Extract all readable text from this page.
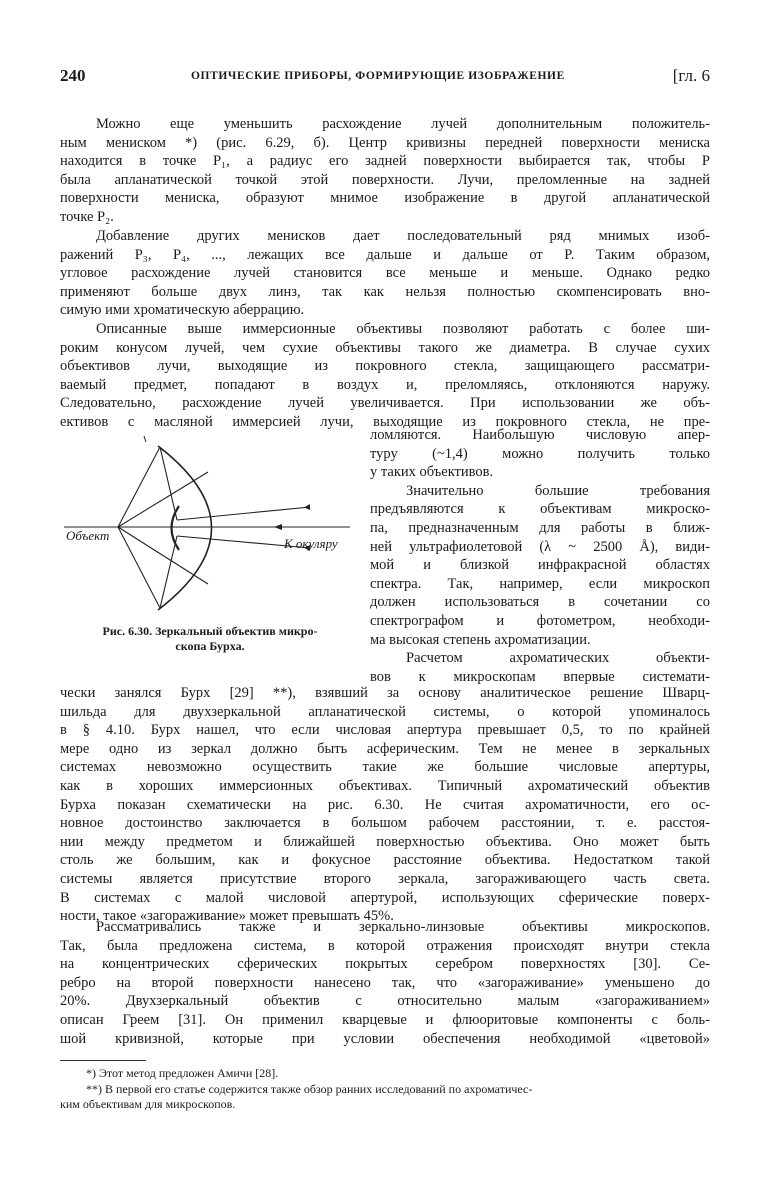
240	ОПТИЧЕСКИЕ ПРИБОРЫ, ФОРМИРУЮЩИЕ ИЗОБРАЖЕНИЕ	[гл. 6
Можно еще уменьшить расхождение лучей дополнительным положитель-
ным мениском *) (рис. 6.29, б). Центр кривизны передней поверхности мениска
находится в точке P₁, а радиус его задней поверхности выбирается так, чтобы P
была апланатической точкой этой поверхности. Лучи, преломленные на задней
поверхности мениска, образуют мнимое изображение в другой апланатической
точке P₂.
Добавление других менисков дает последовательный ряд мнимых изоб-
ражений P₃, P₄, ..., лежащих все дальше и дальше от P. Таким образом,
угловое расхождение лучей становится все меньше и меньше. Однако редко
применяют больше двух линз, так как нельзя полностью скомпенсировать вно-
симую ими хроматическую аберрацию.
Описанные выше иммерсионные объективы позволяют работать с более ши-
роким конусом лучей, чем сухие объективы такого же диаметра. В случае сухих
объективов лучи, выходящие из покровного стекла, защищающего рассматри-
ваемый предмет, попадают в воздух и, преломляясь, отклоняются наружу.
Следовательно, расхождение лучей увеличивается. При использовании же объ-
ективов с масляной иммерсией лучи, выходящие из покровного стекла, не пре-
ломляются. Наибольшую числовую апер-
туру (~1,4) можно получить только
у таких объективов.
Значительно большие требования
предъявляются к объективам микроско-
па, предназначенным для работы в ближ-
ней ультрафиолетовой (λ ~ 2500 Å), види-
мой и близкой инфракрасной областях
спектра. Так, например, если микроскоп
должен использоваться в сочетании со
спектрографом и фотометром, необходи-
ма высокая степень ахроматизации.
Расчетом ахроматических объекти-
вов к микроскопам впервые системати-
Объект
К окуляру
Рис. 6.30. Зеркальный объектив микро-
скопа Бурха.
чески занялся Бурх [29] **), взявший за основу аналитическое решение Шварц-
шильда для двухзеркальной апланатической системы, о которой упоминалось
в § 4.10. Бурх нашел, что если числовая апертура превышает 0,5, то по крайней
мере одно из зеркал должно быть асферическим. Тем не менее в зеркальных
системах невозможно осуществить такие же большие числовые апертуры,
как в хороших иммерсионных объективах. Типичный ахроматический объектив
Бурха показан схематически на рис. 6.30. Не считая ахроматичности, его ос-
новное достоинство заключается в большом рабочем расстоянии, т. е. расстоя-
нии между предметом и ближайшей поверхностью объектива. Оно может быть
столь же большим, как и фокусное расстояние объектива. Недостатком такой
системы является присутствие второго зеркала, загораживающего часть света.
В системах с малой числовой апертурой, использующих сферические поверх-
ности, такое «загораживание» может превышать 45%.
Рассматривались также и зеркально-линзовые объективы микроскопов.
Так, была предложена система, в которой отражения происходят внутри стекла
на концентрических сферических покрытых серебром поверхностях [30]. Се-
ребро на второй поверхности нанесено так, что «загораживание» уменьшено до
20%. Двухзеркальный объектив с относительно малым «загораживанием»
описан Греем [31]. Он применил кварцевые и флюоритовые компоненты с боль-
шой кривизной, которые при условии обеспечения необходимой «цветовой»
*) Этот метод предложен Амичи [28].
**) В первой его статье содержится также обзор ранних исследований по ахроматичес-
ким объективам для микроскопов.
